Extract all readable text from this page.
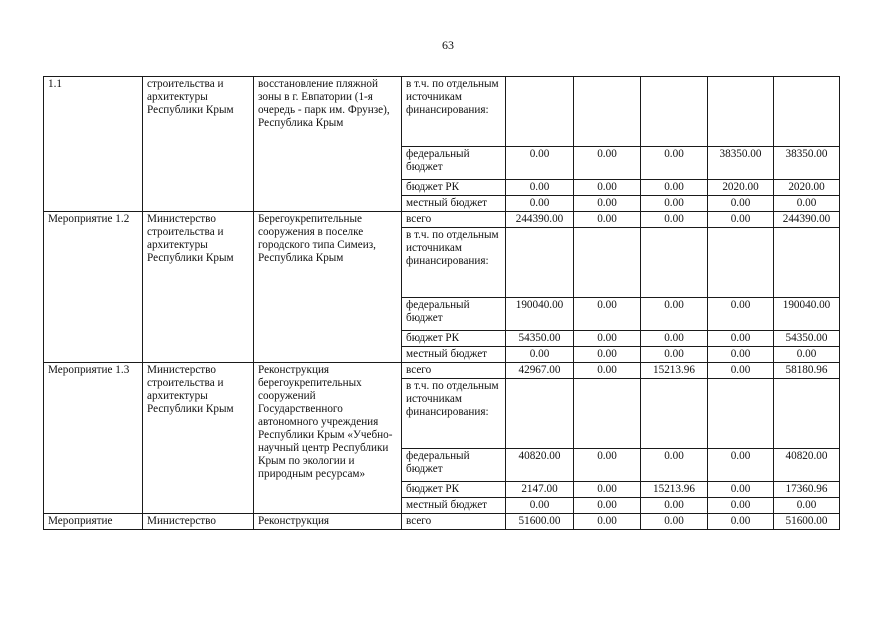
63
1.1	строительства и архитектуры Республики Крым	восстановление пляжной зоны в г. Евпатории (1-я очередь - парк им. Фрунзе), Республика Крым	в т.ч. по отдельным источникам финансирования:					
			федеральный бюджет	0.00	0.00	0.00	38350.00	38350.00
			бюджет РК	0.00	0.00	0.00	2020.00	2020.00
			местный бюджет	0.00	0.00	0.00	0.00	0.00
Мероприятие 1.2	Министерство строительства и архитектуры Республики Крым	Берегоукрепительные сооружения в поселке городского типа Симеиз, Республика Крым	всего	244390.00	0.00	0.00	0.00	244390.00
			в т.ч. по отдельным источникам финансирования:					
			федеральный бюджет	190040.00	0.00	0.00	0.00	190040.00
			бюджет РК	54350.00	0.00	0.00	0.00	54350.00
			местный бюджет	0.00	0.00	0.00	0.00	0.00
Мероприятие 1.3	Министерство строительства и архитектуры Республики Крым	Реконструкция берегоукрепительных сооружений Государственного автономного учреждения Республики Крым «Учебно-научный центр Республики Крым по экологии и природным ресурсам»	всего	42967.00	0.00	15213.96	0.00	58180.96
			в т.ч. по отдельным источникам финансирования:					
			федеральный бюджет	40820.00	0.00	0.00	0.00	40820.00
			бюджет РК	2147.00	0.00	15213.96	0.00	17360.96
			местный бюджет	0.00	0.00	0.00	0.00	0.00
Мероприятие	Министерство	Реконструкция	всего	51600.00	0.00	0.00	0.00	51600.00
